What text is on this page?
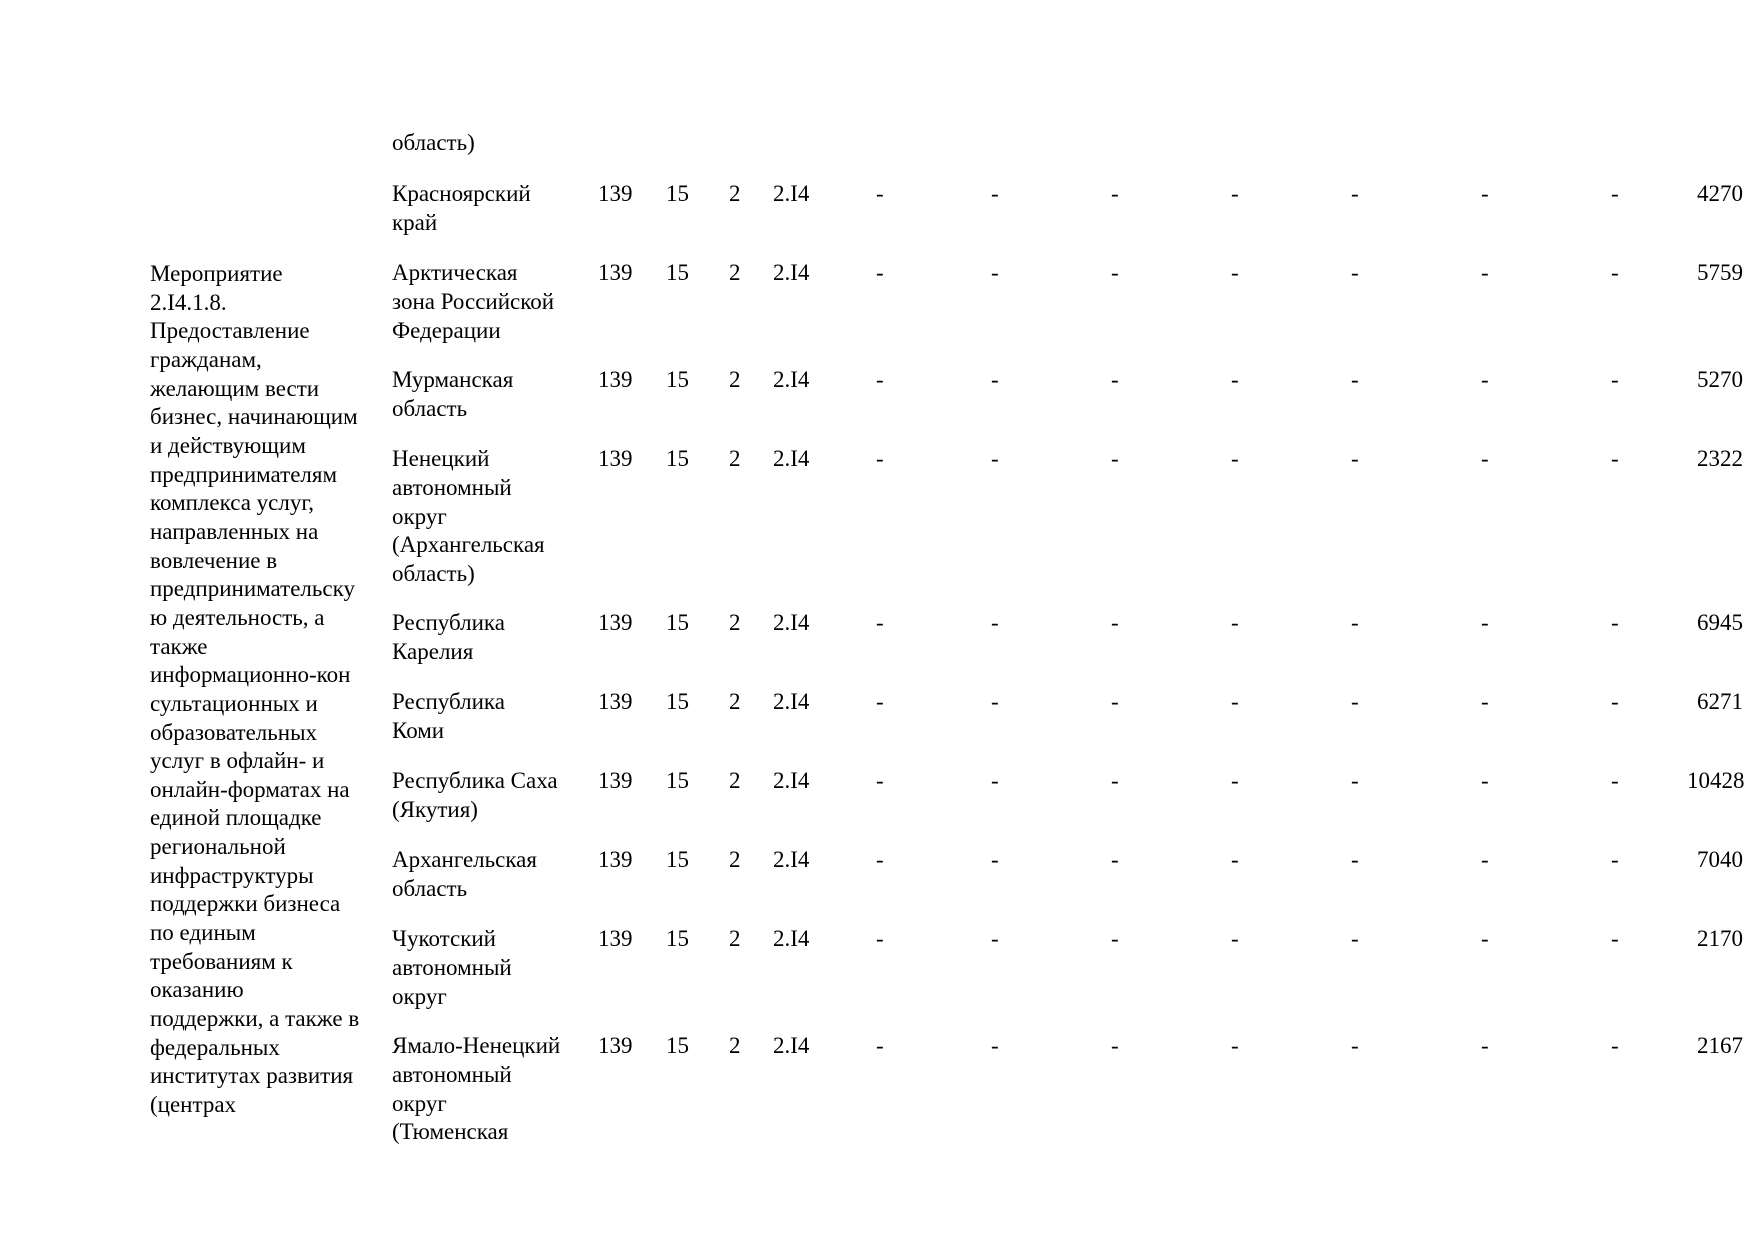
область)
Мероприятие
2.I4.1.8.
Предоставление
гражданам,
желающим вести
бизнес, начинающим
и действующим
предпринимателям
комплекса услуг,
направленных на
вовлечение в
предпринимательску
ю деятельность, а
также
информационно-кон
сультационных и
образовательных
услуг в офлайн- и
онлайн-форматах на
единой площадке
региональной
инфраструктуры
поддержки бизнеса
по единым
требованиям к
оказанию
поддержки, а также в
федеральных
институтах развития
(центрах
Красноярский
край
139 15 2 2.I4	-	-	-	-	-	-	-	4270
Арктическая
зона Российской
Федерации
139 15 2 2.I4	-	-	-	-	-	-	-	5759
Мурманская
область
139 15 2 2.I4	-	-	-	-	-	-	-	5270
Ненецкий
автономный
округ
(Архангельская
область)
139 15 2 2.I4	-	-	-	-	-	-	-	2322
Республика
Карелия
139 15 2 2.I4	-	-	-	-	-	-	-	6945
Республика
Коми
139 15 2 2.I4	-	-	-	-	-	-	-	6271
Республика Саха
(Якутия)
139 15 2 2.I4	-	-	-	-	-	-	-	10428
Архангельская
область
139 15 2 2.I4	-	-	-	-	-	-	-	7040
Чукотский
автономный
округ
139 15 2 2.I4	-	-	-	-	-	-	-	2170
Ямало-Ненецкий
автономный
округ
(Тюменская
139 15 2 2.I4	-	-	-	-	-	-	-	2167
